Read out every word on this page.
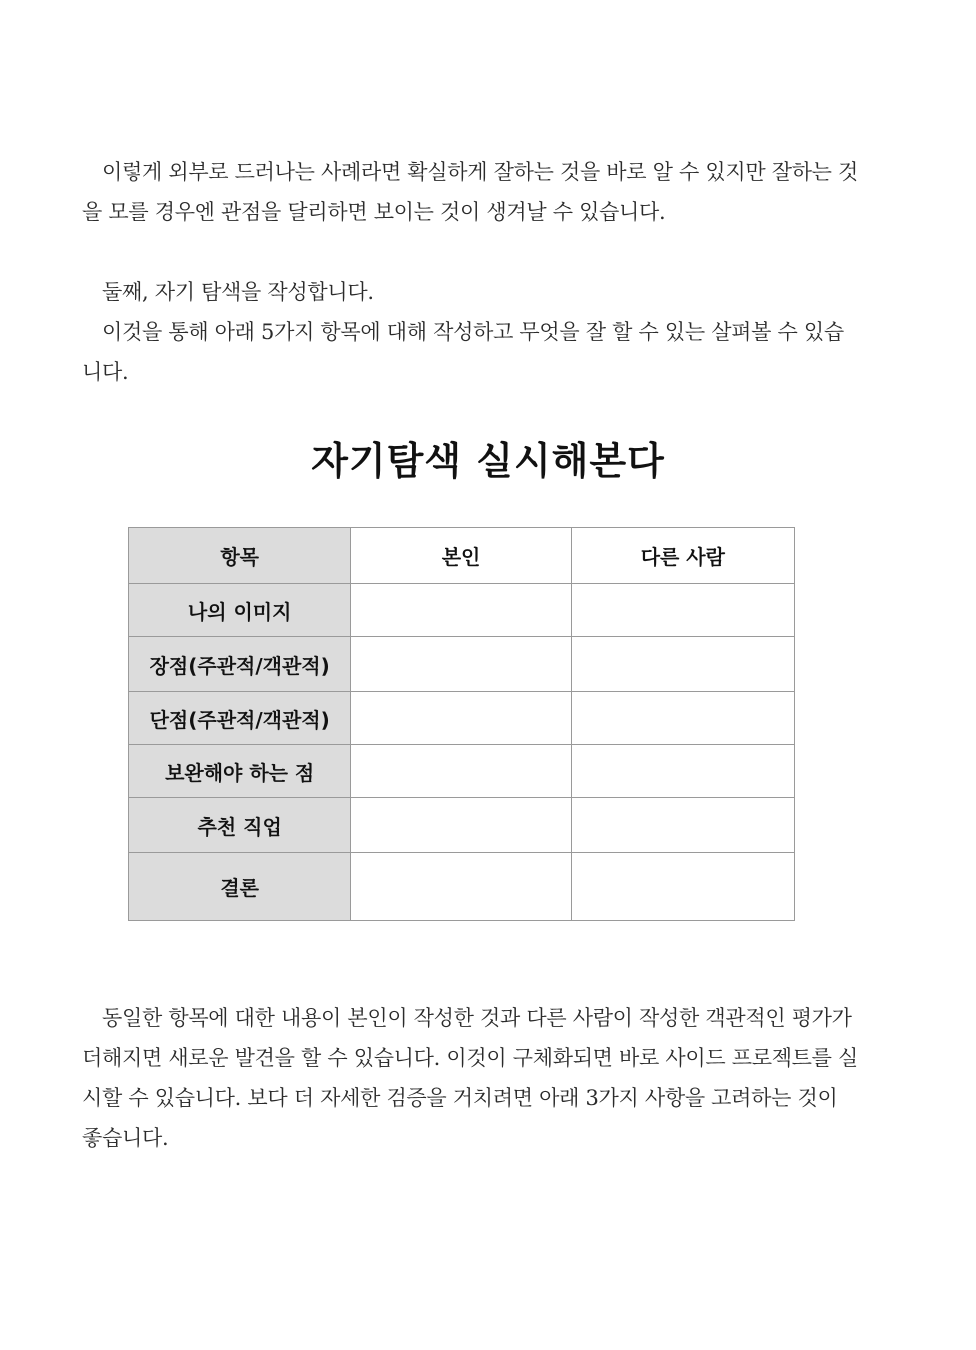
이렇게 외부로 드러나는 사례라면 확실하게 잘하는 것을 바로 알 수 있지만 잘하는 것을 모를 경우엔 관점을 달리하면 보이는 것이 생겨날 수 있습니다.

둘째, 자기 탐색을 작성합니다.

이것을 통해 아래 5가지 항목에 대해 작성하고 무엇을 잘 할 수 있는 살펴볼 수 있습니다.

자기탐색 실시해본다
항목	본인	다른 사람
나의 이미지		
장점(주관적/객관적)		
단점(주관적/객관적)		
보완해야 하는 점		
추천 직업		
결론		

동일한 항목에 대한 내용이 본인이 작성한 것과 다른 사람이 작성한 객관적인 평가가 더해지면 새로운 발견을 할 수 있습니다. 이것이 구체화되면 바로 사이드 프로젝트를 실시할 수 있습니다. 보다 더 자세한 검증을 거치려면 아래 3가지 사항을 고려하는 것이 좋습니다.
